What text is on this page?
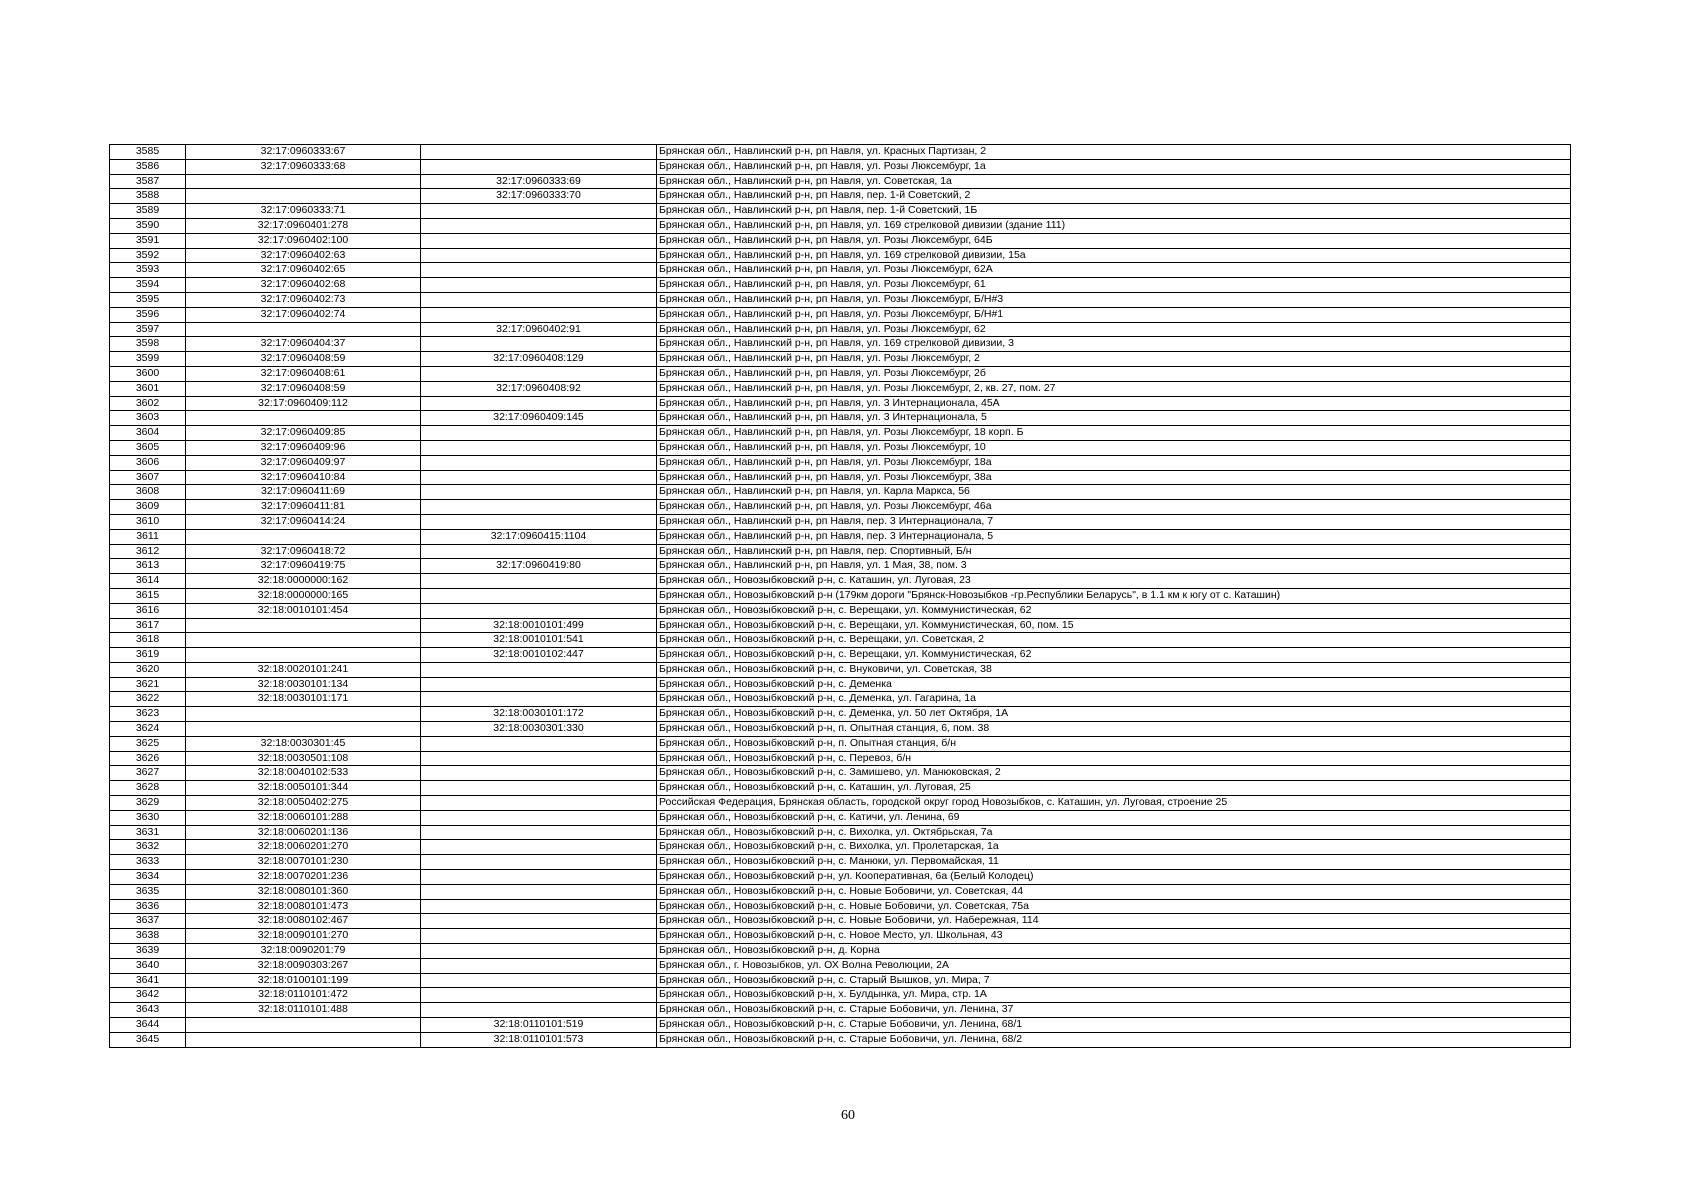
3585	32:17:0960333:67		Брянская обл., Навлинский р-н, рп Навля, ул. Красных Партизан, 2
3586	32:17:0960333:68		Брянская обл., Навлинский р-н, рп Навля, ул. Розы Люксембург, 1а
3587		32:17:0960333:69	Брянская обл., Навлинский р-н, рп Навля, ул. Советская, 1а
3588		32:17:0960333:70	Брянская обл., Навлинский р-н, рп Навля, пер. 1-й Советский, 2
3589	32:17:0960333:71		Брянская обл., Навлинский р-н, рп Навля, пер. 1-й Советский, 1Б
3590	32:17:0960401:278		Брянская обл., Навлинский р-н, рп Навля, ул. 169 стрелковой дивизии (здание 111)
3591	32:17:0960402:100		Брянская обл., Навлинский р-н, рп Навля, ул. Розы Люксембург, 64Б
3592	32:17:0960402:63		Брянская обл., Навлинский р-н, рп Навля, ул. 169 стрелковой дивизии, 15а
3593	32:17:0960402:65		Брянская обл., Навлинский р-н, рп Навля, ул. Розы Люксембург, 62А
3594	32:17:0960402:68		Брянская обл., Навлинский р-н, рп Навля, ул. Розы Люксембург, 61
3595	32:17:0960402:73		Брянская обл., Навлинский р-н, рп Навля, ул. Розы Люксембург, Б/Н#3
3596	32:17:0960402:74		Брянская обл., Навлинский р-н, рп Навля, ул. Розы Люксембург, Б/Н#1
3597		32:17:0960402:91	Брянская обл., Навлинский р-н, рп Навля, ул. Розы Люксембург, 62
3598	32:17:0960404:37		Брянская обл., Навлинский р-н, рп Навля, ул. 169 стрелковой дивизии, 3
3599	32:17:0960408:59	32:17:0960408:129	Брянская обл., Навлинский р-н, рп Навля, ул. Розы Люксембург, 2
3600	32:17:0960408:61		Брянская обл., Навлинский р-н, рп Навля, ул. Розы Люксембург, 2б
3601	32:17:0960408:59	32:17:0960408:92	Брянская обл., Навлинский р-н, рп Навля, ул. Розы Люксембург, 2, кв. 27, пом. 27
3602	32:17:0960409:112		Брянская обл., Навлинский р-н, рп Навля, ул. 3 Интернационала, 45А
3603		32:17:0960409:145	Брянская обл., Навлинский р-н, рп Навля, ул. 3 Интернационала, 5
3604	32:17:0960409:85		Брянская обл., Навлинский р-н, рп Навля, ул. Розы Люксембург, 18 корп. Б
3605	32:17:0960409:96		Брянская обл., Навлинский р-н, рп Навля, ул. Розы Люксембург, 10
3606	32:17:0960409:97		Брянская обл., Навлинский р-н, рп Навля, ул. Розы Люксембург, 18а
3607	32:17:0960410:84		Брянская обл., Навлинский р-н, рп Навля, ул. Розы Люксембург, 38а
3608	32:17:0960411:69		Брянская обл., Навлинский р-н, рп Навля, ул. Карла Маркса, 56
3609	32:17:0960411:81		Брянская обл., Навлинский р-н, рп Навля, ул. Розы Люксембург, 46а
3610	32:17:0960414:24		Брянская обл., Навлинский р-н, рп Навля, пер. 3 Интернационала, 7
3611		32:17:0960415:1104	Брянская обл., Навлинский р-н, рп Навля, пер. 3 Интернационала, 5
3612	32:17:0960418:72		Брянская обл., Навлинский р-н, рп Навля, пер. Спортивный, Б/н
3613	32:17:0960419:75	32:17:0960419:80	Брянская обл., Навлинский р-н, рп Навля, ул. 1 Мая, 38, пом. 3
3614	32:18:0000000:162		Брянская обл., Новозыбковский р-н, с. Каташин, ул. Луговая, 23
3615	32:18:0000000:165		Брянская обл., Новозыбковский р-н (179км дороги "Брянск-Новозыбков -гр.Республики Беларусь", в 1.1 км к югу от с. Каташин)
3616	32:18:0010101:454		Брянская обл., Новозыбковский р-н, с. Верещаки, ул. Коммунистическая, 62
3617		32:18:0010101:499	Брянская обл., Новозыбковский р-н, с. Верещаки, ул. Коммунистическая, 60, пом. 15
3618		32:18:0010101:541	Брянская обл., Новозыбковский р-н, с. Верещаки, ул. Советская, 2
3619		32:18:0010102:447	Брянская обл., Новозыбковский р-н, с. Верещаки, ул. Коммунистическая, 62
3620	32:18:0020101:241		Брянская обл., Новозыбковский р-н, с. Внуковичи, ул. Советская, 38
3621	32:18:0030101:134		Брянская обл., Новозыбковский р-н, с. Деменка
3622	32:18:0030101:171		Брянская обл., Новозыбковский р-н, с. Деменка, ул. Гагарина, 1а
3623		32:18:0030101:172	Брянская обл., Новозыбковский р-н, с. Деменка, ул. 50 лет Октября, 1А
3624		32:18:0030301:330	Брянская обл., Новозыбковский р-н, п. Опытная станция, 6, пом. 38
3625	32:18:0030301:45		Брянская обл., Новозыбковский р-н, п. Опытная станция, б/н
3626	32:18:0030501:108		Брянская обл., Новозыбковский р-н, с. Перевоз, б/н
3627	32:18:0040102:533		Брянская обл., Новозыбковский р-н, с. Замишево, ул. Манюковская, 2
3628	32:18:0050101:344		Брянская обл., Новозыбковский р-н, с. Каташин, ул. Луговая, 25
3629	32:18:0050402:275		Российская Федерация, Брянская область, городской округ город Новозыбков, с. Каташин, ул. Луговая, строение 25
3630	32:18:0060101:288		Брянская обл., Новозыбковский р-н, с. Катичи, ул. Ленина, 69
3631	32:18:0060201:136		Брянская обл., Новозыбковский р-н, с. Вихолка, ул. Октябрьская, 7а
3632	32:18:0060201:270		Брянская обл., Новозыбковский р-н, с. Вихолка, ул. Пролетарская, 1а
3633	32:18:0070101:230		Брянская обл., Новозыбковский р-н, с. Манюки, ул. Первомайская, 11
3634	32:18:0070201:236		Брянская обл., Новозыбковский р-н, ул. Кооперативная, 6а (Белый Колодец)
3635	32:18:0080101:360		Брянская обл., Новозыбковский р-н, с. Новые Бобовичи, ул. Советская, 44
3636	32:18:0080101:473		Брянская обл., Новозыбковский р-н, с. Новые Бобовичи, ул. Советская, 75а
3637	32:18:0080102:467		Брянская обл., Новозыбковский р-н, с. Новые Бобовичи, ул. Набережная, 114
3638	32:18:0090101:270		Брянская обл., Новозыбковский р-н, с. Новое Место, ул. Школьная, 43
3639	32:18:0090201:79		Брянская обл., Новозыбковский р-н, д. Корна
3640	32:18:0090303:267		Брянская обл., г. Новозыбков, ул. ОХ Волна Революции, 2А
3641	32:18:0100101:199		Брянская обл., Новозыбковский р-н, с. Старый Вышков, ул. Мира, 7
3642	32:18:0110101:472		Брянская обл., Новозыбковский р-н, х. Булдынка, ул. Мира, стр. 1А
3643	32:18:0110101:488		Брянская обл., Новозыбковский р-н, с. Старые Бобовичи, ул. Ленина, 37
3644		32:18:0110101:519	Брянская обл., Новозыбковский р-н, с. Старые Бобовичи, ул. Ленина, 68/1
3645		32:18:0110101:573	Брянская обл., Новозыбковский р-н, с. Старые Бобовичи, ул. Ленина, 68/2
60
